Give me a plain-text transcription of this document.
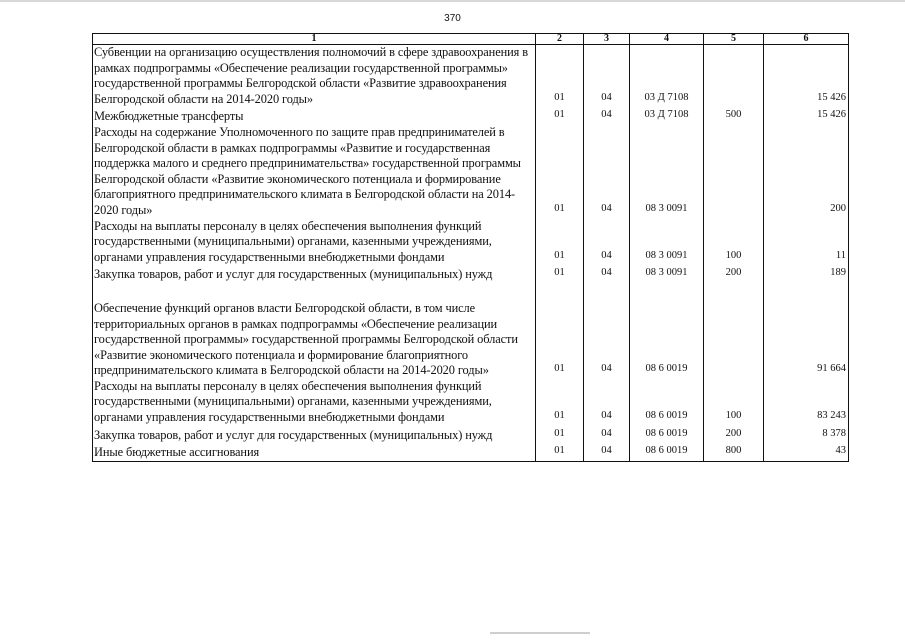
370
1	2	3	4	5	6
Субвенции на организацию осуществления полномочий в сфере здравоохранения в рамках подпрограммы «Обеспечение реализации государственной программы» государственной программы Белгородской области «Развитие здравоохранения Белгородской области на 2014-2020 годы»	01	04	03 Д 7108		15 426
Межбюджетные трансферты	01	04	03 Д 7108	500	15 426
Расходы на содержание Уполномоченного по защите прав предпринимателей в Белгородской области в рамках подпрограммы «Развитие и государственная поддержка малого и среднего предпринимательства» государственной программы Белгородской области «Развитие экономического потенциала и формирование благоприятного предпринимательского климата в Белгородской области на 2014-2020 годы»	01	04	08 3 0091		200
Расходы на выплаты персоналу в целях обеспечения выполнения функций государственными (муниципальными) органами, казенными учреждениями, органами управления государственными внебюджетными фондами	01	04	08 3 0091	100	11
Закупка товаров, работ и услуг для государственных (муниципальных) нужд	01	04	08 3 0091	200	189
Обеспечение функций органов власти Белгородской области, в том числе территориальных органов в рамках подпрограммы «Обеспечение реализации государственной программы» государственной программы Белгородской области «Развитие экономического потенциала и формирование благоприятного предпринимательского климата в Белгородской области на 2014-2020 годы»	01	04	08 6 0019		91 664
Расходы на выплаты персоналу в целях обеспечения выполнения функций государственными (муниципальными) органами, казенными учреждениями, органами управления государственными внебюджетными фондами	01	04	08 6 0019	100	83 243
Закупка товаров, работ и услуг для государственных (муниципальных) нужд	01	04	08 6 0019	200	8 378
Иные бюджетные ассигнования	01	04	08 6 0019	800	43
